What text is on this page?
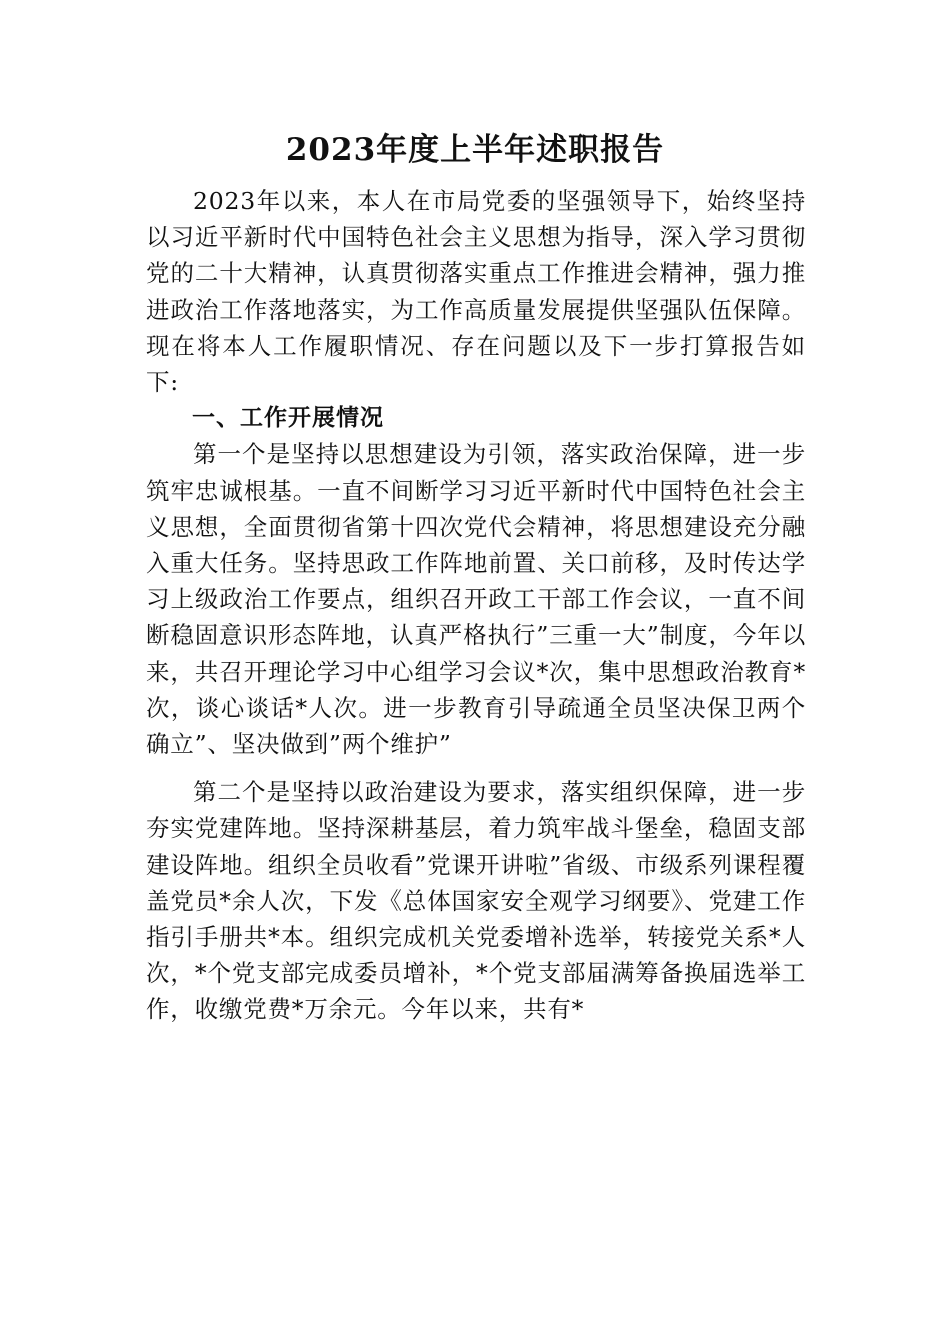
2023年度上半年述职报告

2023年以来，本人在市局党委的坚强领导下，始终坚持以习近平新时代中国特色社会主义思想为指导，深入学习贯彻党的二十大精神，认真贯彻落实重点工作推进会精神，强力推进政治工作落地落实，为工作高质量发展提供坚强队伍保障。现在将本人工作履职情况、存在问题以及下一步打算报告如下:

一、工作开展情况

第一个是坚持以思想建设为引领，落实政治保障，进一步筑牢忠诚根基。一直不间断学习习近平新时代中国特色社会主义思想，全面贯彻省第十四次党代会精神，将思想建设充分融入重大任务。坚持思政工作阵地前置、关口前移，及时传达学习上级政治工作要点，组织召开政工干部工作会议，一直不间断稳固意识形态阵地，认真严格执行”三重一大”制度，今年以来，共召开理论学习中心组学习会议*次，集中思想政治教育*次，谈心谈话*人次。进一步教育引导疏通全员坚决保卫两个确立”、坚决做到”两个维护”

第二个是坚持以政治建设为要求，落实组织保障，进一步夯实党建阵地。坚持深耕基层，着力筑牢战斗堡垒，稳固支部建设阵地。组织全员收看”党课开讲啦”省级、市级系列课程覆盖党员*余人次，下发《总体国家安全观学习纲要》、党建工作指引手册共*本。组织完成机关党委增补选举，转接党关系*人次，*个党支部完成委员增补，*个党支部届满筹备换届选举工作，收缴党费*万余元。今年以来，共有*
